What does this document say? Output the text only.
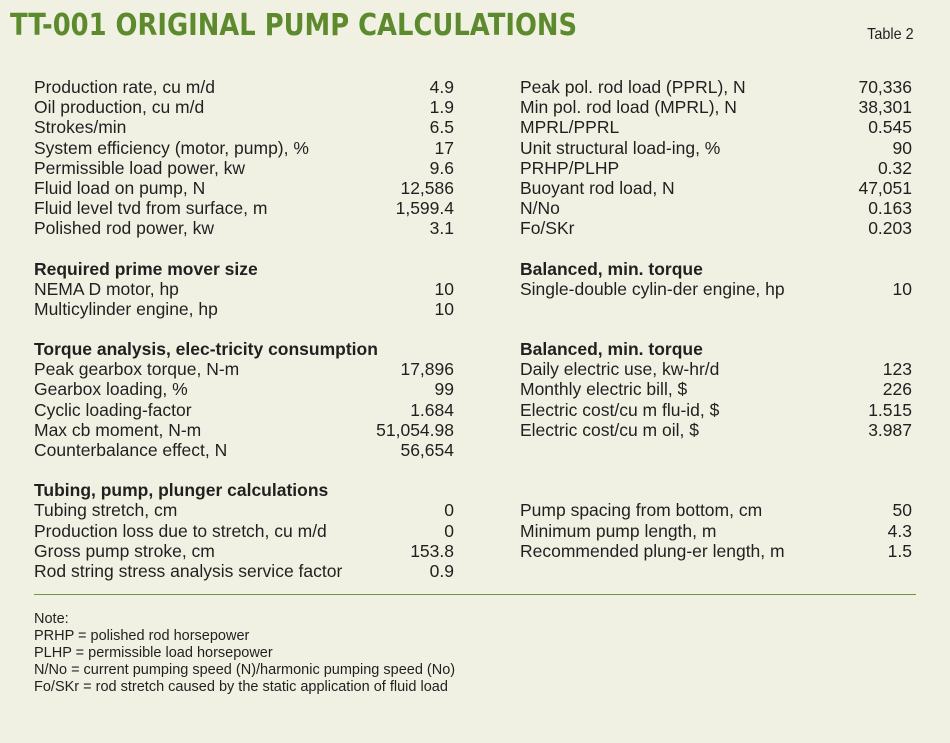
TT-001 ORIGINAL PUMP CALCULATIONS	Table 2
Production rate, cu m/d	4.9
Oil production, cu m/d	1.9
Strokes/min	6.5
System efficiency (motor, pump), %	17
Permissible load power, kw	9.6
Fluid load on pump, N	12,586
Fluid level tvd from surface, m	1,599.4
Polished rod power, kw	3.1
Required prime mover size
NEMA D motor, hp	10
Multicylinder engine, hp	10
Torque analysis, elec-tricity consumption
Peak gearbox torque, N-m	17,896
Gearbox loading, %	99
Cyclic loading-factor	1.684
Max cb moment, N-m	51,054.98
Counterbalance effect, N	56,654
Tubing, pump, plunger calculations
Tubing stretch, cm	0
Production loss due to stretch, cu m/d	0
Gross pump stroke, cm	153.8
Rod string stress analysis service factor	0.9
Peak pol. rod load (PPRL), N	70,336
Min pol. rod load (MPRL), N	38,301
MPRL/PPRL	0.545
Unit structural load-ing, %	90
PRHP/PLHP	0.32
Buoyant rod load, N	47,051
N/No	0.163
Fo/SKr	0.203
Balanced, min. torque
Single-double cylin-der engine, hp	10
Balanced, min. torque
Daily electric use, kw-hr/d	123
Monthly electric bill, $	226
Electric cost/cu m flu-id, $	1.515
Electric cost/cu m oil, $	3.987
Pump spacing from bottom, cm	50
Minimum pump length, m	4.3
Recommended plung-er length, m	1.5
Note:
PRHP = polished rod horsepower
PLHP = permissible load horsepower
N/No = current pumping speed (N)/harmonic pumping speed (No)
Fo/SKr = rod stretch caused by the static application of fluid load
